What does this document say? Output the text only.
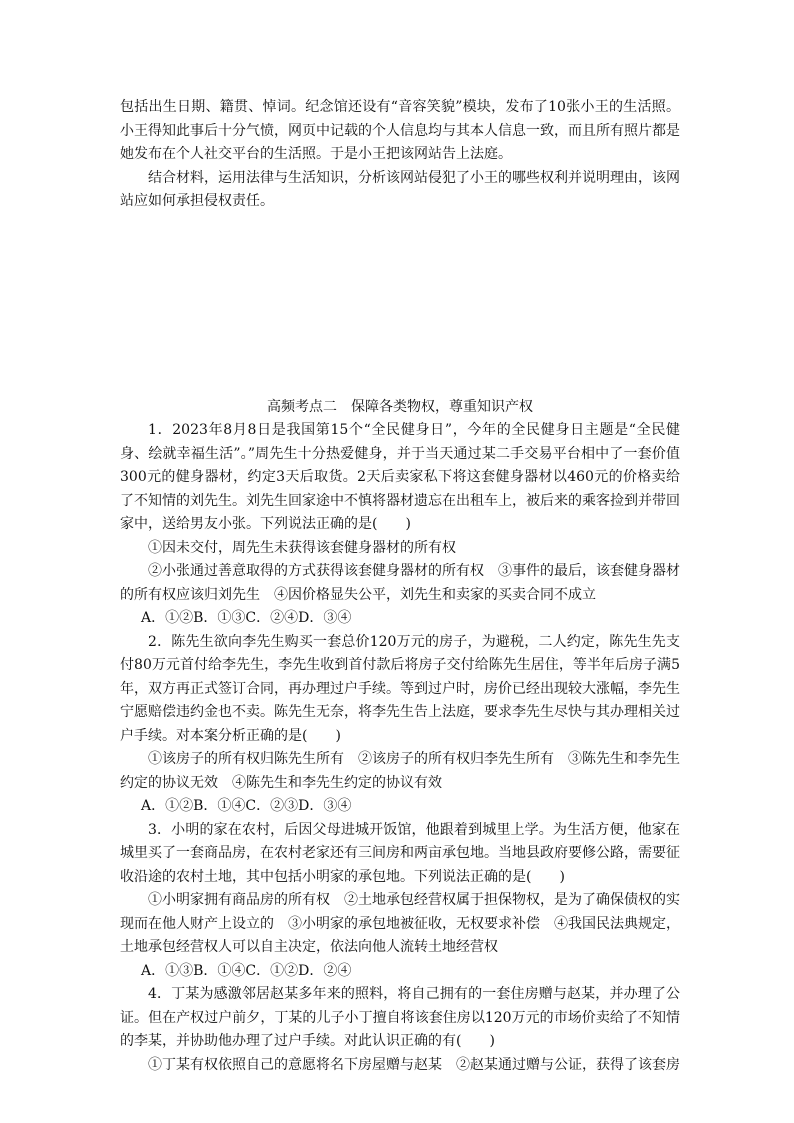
包括出生日期、籍贯、悼词。纪念馆还设有“音容笑貌”模块，发布了10张小王的生活照。小王得知此事后十分气愤，网页中记载的个人信息均与其本人信息一致，而且所有照片都是她发布在个人社交平台的生活照。于是小王把该网站告上法庭。

结合材料，运用法律与生活知识，分析该网站侵犯了小王的哪些权利并说明理由，该网站应如何承担侵权责任。

高频考点二　保障各类物权，尊重知识产权

1．2023年8月8日是我国第15个“全民健身日”，今年的全民健身日主题是“全民健身、绘就幸福生活”。”周先生十分热爱健身，并于当天通过某二手交易平台相中了一套价值300元的健身器材，约定3天后取货。2天后卖家私下将这套健身器材以460元的价格卖给了不知情的刘先生。刘先生回家途中不慎将器材遗忘在出租车上，被后来的乘客捡到并带回家中，送给男友小张。下列说法正确的是(　　)

①因未交付，周先生未获得该套健身器材的所有权

②小张通过善意取得的方式获得该套健身器材的所有权　③事件的最后，该套健身器材的所有权应该归刘先生　④因价格显失公平，刘先生和卖家的买卖合同不成立

A．①②B．①③C．②④D．③④

2．陈先生欲向李先生购买一套总价120万元的房子，为避税，二人约定，陈先生先支付80万元首付给李先生，李先生收到首付款后将房子交付给陈先生居住，等半年后房子满5年，双方再正式签订合同，再办理过户手续。等到过户时，房价已经出现较大涨幅，李先生宁愿赔偿违约金也不卖。陈先生无奈，将李先生告上法庭，要求李先生尽快与其办理相关过户手续。对本案分析正确的是(　　)

①该房子的所有权归陈先生所有　②该房子的所有权归李先生所有　③陈先生和李先生约定的协议无效　④陈先生和李先生约定的协议有效

A．①②B．①④C．②③D．③④

3．小明的家在农村，后因父母进城开饭馆，他跟着到城里上学。为生活方便，他家在城里买了一套商品房，在农村老家还有三间房和两亩承包地。当地县政府要修公路，需要征收沿途的农村土地，其中包括小明家的承包地。下列说法正确的是(　　)

①小明家拥有商品房的所有权　②土地承包经营权属于担保物权，是为了确保债权的实现而在他人财产上设立的　③小明家的承包地被征收，无权要求补偿　④我国民法典规定，土地承包经营权人可以自主决定，依法向他人流转土地经营权

A．①③B．①④C．①②D．②④

4．丁某为感激邻居赵某多年来的照料，将自己拥有的一套住房赠与赵某，并办理了公证。但在产权过户前夕，丁某的儿子小丁擅自将该套住房以120万元的市场价卖给了不知情的李某，并协助他办理了过户手续。对此认识正确的有(　　)

①丁某有权依照自己的意愿将名下房屋赠与赵某　②赵某通过赠与公证，获得了该套房
